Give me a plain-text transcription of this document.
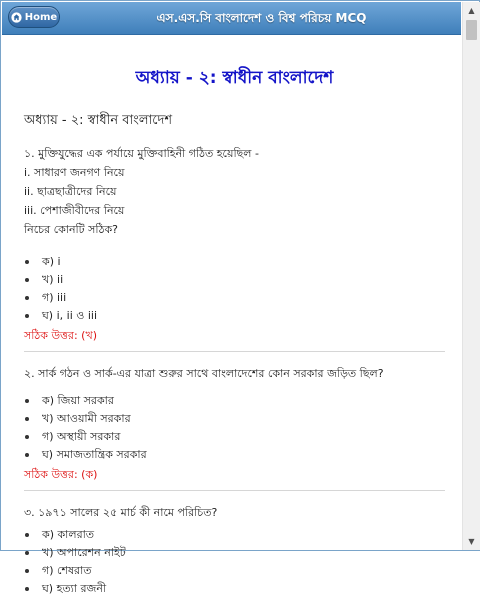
Home	এস.এস.সি বাংলাদেশ ও বিশ্ব পরিচয় MCQ
অধ্যায় - ২: স্বাধীন বাংলাদেশ
অধ্যায় - ২: স্বাধীন বাংলাদেশ
১. মুক্তিযুদ্ধের এক পর্যায়ে মুক্তিবাহিনী গঠিত হয়েছিল -
i. সাধারণ জনগণ নিয়ে
ii. ছাত্রছাত্রীদের নিয়ে
iii. পেশাজীবীদের নিয়ে
নিচের কোনটি সঠিক?
ক) i
খ) ii
গ) iii
ঘ) i, ii ও iii
সঠিক উত্তর: (খ)
২. সার্ক গঠন ও সার্ক-এর যাত্রা শুরুর সাথে বাংলাদেশের কোন সরকার জড়িত ছিল?
ক) জিয়া সরকার
খ) আওয়ামী সরকার
গ) অস্থায়ী সরকার
ঘ) সমাজতান্ত্রিক সরকার
সঠিক উত্তর: (ক)
৩. ১৯৭১ সালের ২৫ মার্চ কী নামে পরিচিত?
ক) কালরাত
খ) অপারেশন নাইট
গ) শেষরাত
ঘ) হত্যা রজনী
▲
▼
